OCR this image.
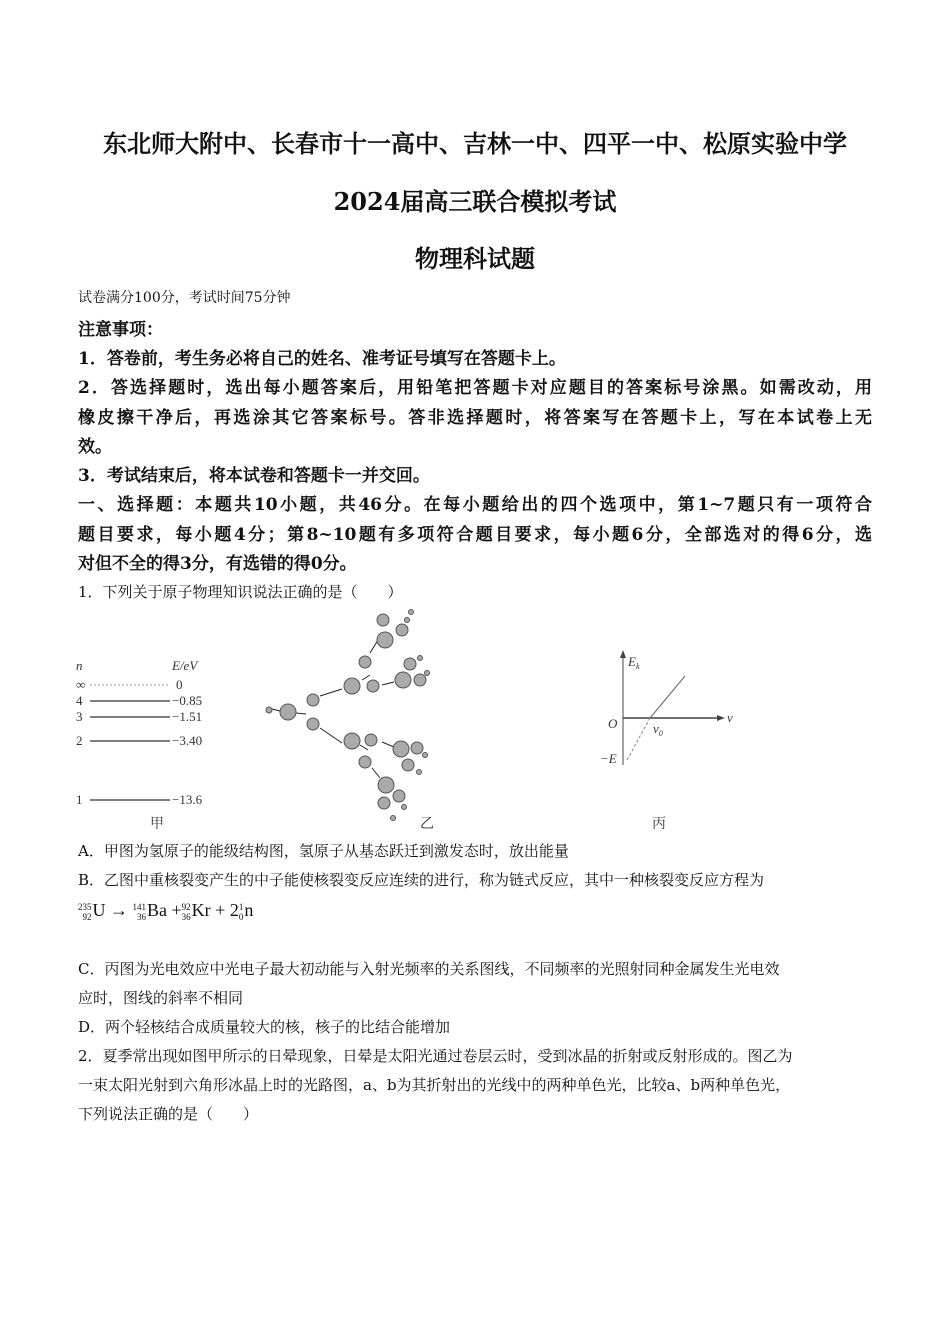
东北师大附中、长春市十一高中、吉林一中、四平一中、松原实验中学
2024届高三联合模拟考试
物理科试题
试卷满分100分，考试时间75分钟
注意事项：
1．答卷前，考生务必将自己的姓名、准考证号填写在答题卡上。
2．答选择题时，选出每小题答案后，用铅笔把答题卡对应题目的答案标号涂黑。如需改动，用
橡皮擦干净后，再选涂其它答案标号。答非选择题时，将答案写在答题卡上，写在本试卷上无
效。
3．考试结束后，将本试卷和答题卡一并交回。
一、选择题：本题共10小题，共46分。在每小题给出的四个选项中，第1~7题只有一项符合
题目要求，每小题4分；第8~10题有多项符合题目要求，每小题6分，全部选对的得6分，选
对但不全的得3分，有选错的得0分。
1．下列关于原子物理知识说法正确的是（　　）
n	E/eV
∞
4
3
2
1
0
−0.85
−1.51
−3.40
−13.6
甲	乙
$E_k$
ν
O	$\nu_0$
−E
丙
A．甲图为氢原子的能级结构图，氢原子从基态跃迁到激发态时，放出能量
B．乙图中重核裂变产生的中子能使核裂变反应连续的进行，称为链式反应，其中一种核裂变反应方程为
235
92 U → 141
36 Ba + 92
36 Kr + 2 1
0 n
C．丙图为光电效应中光电子最大初动能与入射光频率的关系图线，不同频率的光照射同种金属发生光电效
应时，图线的斜率不相同
D．两个轻核结合成质量较大的核，核子的比结合能增加
2．夏季常出现如图甲所示的日晕现象，日晕是太阳光通过卷层云时，受到冰晶的折射或反射形成的。图乙为
一束太阳光射到六角形冰晶上时的光路图，a、b为其折射出的光线中的两种单色光，比较a、b两种单色光，
下列说法正确的是（　　）
